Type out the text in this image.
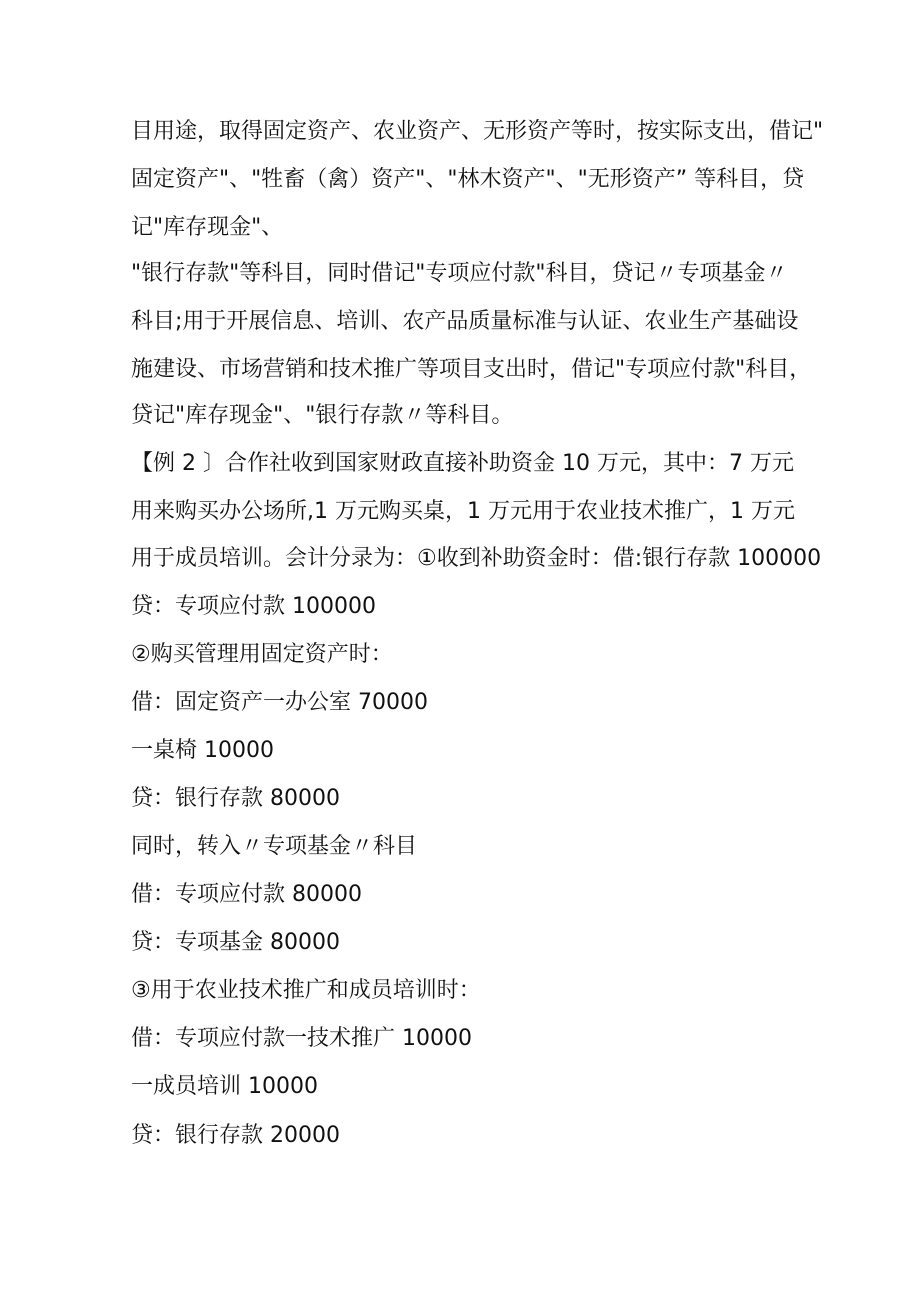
目用途，取得固定资产、农业资产、无形资产等时，按实际支出，借记"
固定资产"、"牲畜（禽）资产"、"林木资产"、"无形资产” 等科目，贷
记"库存现金"、
"银行存款"等科目，同时借记"专项应付款"科目，贷记〃专项基金〃
科目;用于开展信息、培训、农产品质量标准与认证、农业生产基础设
施建设、市场营销和技术推广等项目支出时，借记"专项应付款"科目，
贷记"库存现金"、"银行存款〃等科目。
【例 2 〕合作社收到国家财政直接补助资金 10 万元，其中：7 万元
用来购买办公场所,1 万元购买桌，1 万元用于农业技术推广，1 万元
用于成员培训。会计分录为：①收到补助资金时：借:银行存款 100000
贷：专项应付款 100000
②购买管理用固定资产时：
借：固定资产一办公室 70000
一桌椅 10000
贷：银行存款 80000
同时，转入〃专项基金〃科目
借：专项应付款 80000
贷：专项基金 80000
③用于农业技术推广和成员培训时：
借：专项应付款一技术推广 10000
一成员培训 10000
贷：银行存款 20000
